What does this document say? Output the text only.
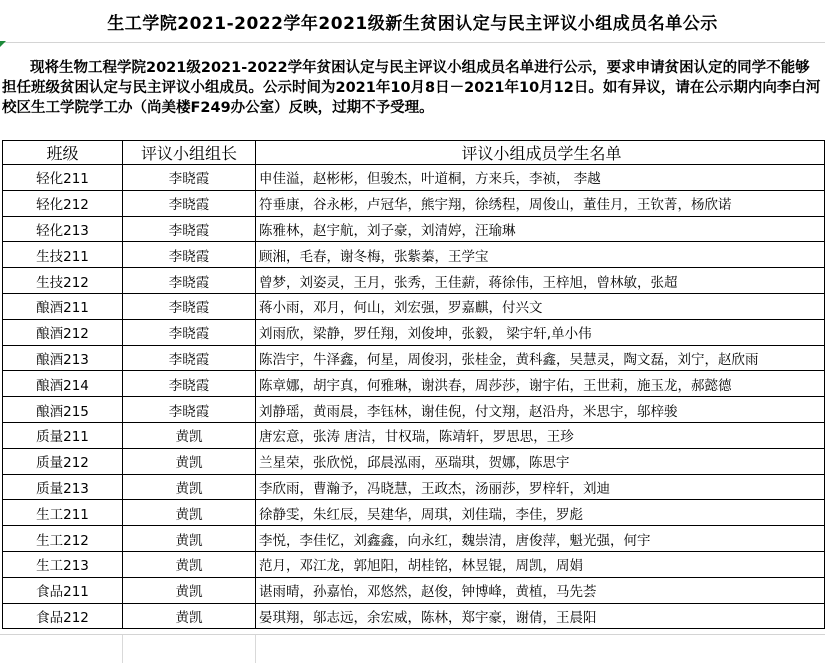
生工学院2021-2022学年2021级新生贫困认定与民主评议小组成员名单公示
现将生物工程学院2021级2021-2022学年贫困认定与民主评议小组成员名单进行公示，要求申请贫困认定的同学不能够担任班级贫困认定与民主评议小组成员。公示时间为2021年10月8日－2021年10月12日。如有异议，请在公示期内向李白河校区生工学院学工办（尚美楼F249办公室）反映，过期不予受理。
班级	评议小组组长	评议小组成员学生名单
轻化211	李晓霞	申佳溢，赵彬彬，但骏杰，叶道桐，方来兵，李祯， 李越
轻化212	李晓霞	符垂康，谷永彬，卢冠华，熊宇翔，徐绣程，周俊山，董佳月，王钦菁，杨欣诺
轻化213	李晓霞	陈雅林，赵宇航，刘子豪，刘清婷，汪瑜琳
生技211	李晓霞	顾湘，毛春，谢冬梅，张紫蓁，王学宝
生技212	李晓霞	曾梦，刘姿灵，王月，张秀，王佳薪，蒋徐伟，王梓旭，曾林敏，张超
酿酒211	李晓霞	蒋小雨，邓月，何山，刘宏强，罗嘉麒，付兴文
酿酒212	李晓霞	刘雨欣，梁静，罗任翔，刘俊坤，张毅， 梁宇轩,单小伟
酿酒213	李晓霞	陈浩宇，牛泽鑫，何星，周俊羽，张桂金，黄科鑫，吴慧灵，陶文磊，刘宁，赵欣雨
酿酒214	李晓霞	陈章娜，胡宇真，何雅琳，谢洪春，周莎莎，谢宇佑，王世莉，施玉龙，郝懿德
酿酒215	李晓霞	刘静瑶，黄雨晨，李钰林，谢佳倪，付文翔，赵沿舟，米思宇，邬梓骏
质量211	黄凯	唐宏意，张涛 唐洁，甘权瑞，陈靖轩，罗思思，王珍
质量212	黄凯	兰星荣，张欣悦，邱晨泓雨，巫瑞琪，贺娜，陈思宇
质量213	黄凯	李欣雨，曹瀚予，冯晓慧，王政杰，汤丽莎，罗梓轩，刘迪
生工211	黄凯	徐静雯，朱红辰，吴建华，周琪，刘佳瑞，李佳，罗彪
生工212	黄凯	李悦，李佳忆，刘鑫鑫，向永红，魏崇清，唐俊萍，魁光强，何宇
生工213	黄凯	范月，邓江龙，郭旭阳，胡桂铭，林昱锟，周凯，周娟
食品211	黄凯	谌雨晴，孙嘉怡，邓悠然，赵俊，钟博峰，黄植，马先荟
食品212	黄凯	晏琪翔，邬志远，余宏威，陈林，郑宇豪，谢倩，王晨阳
